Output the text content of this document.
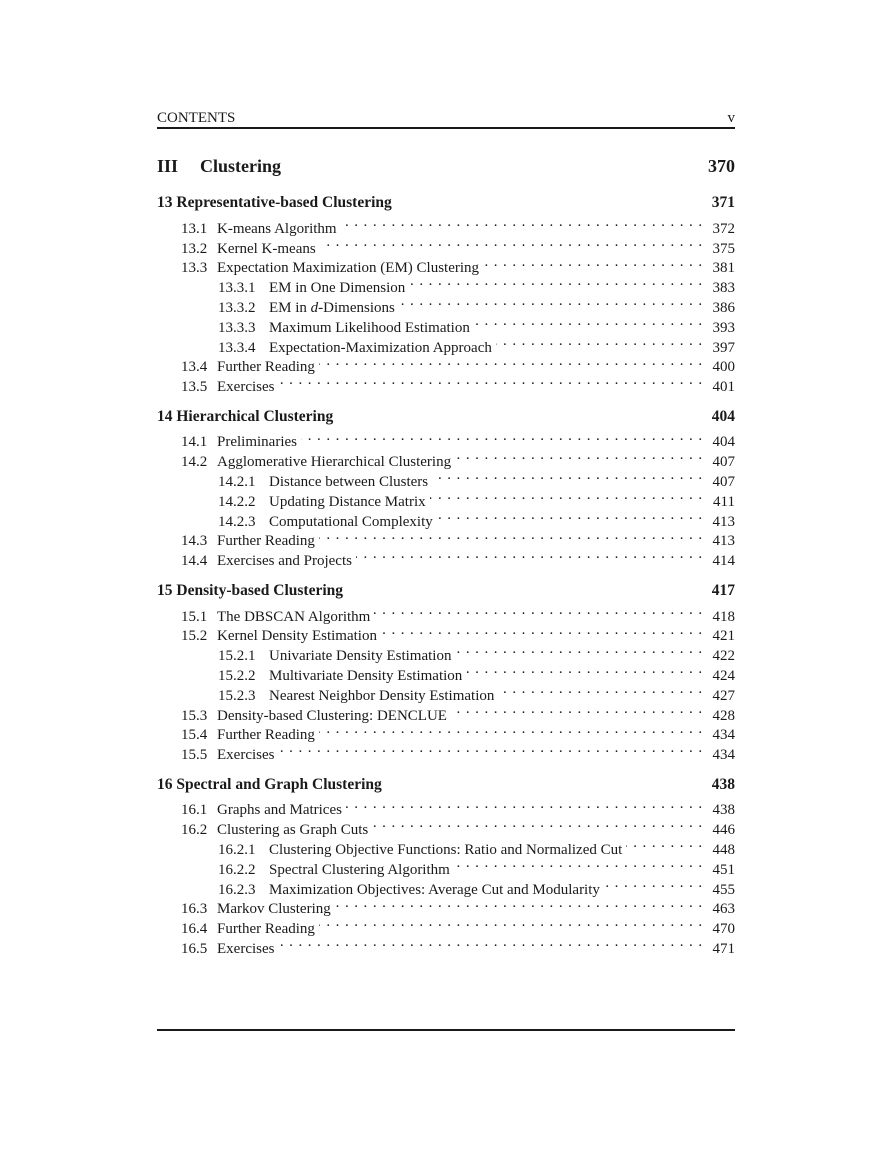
CONTENTS	v
III Clustering	370
13 Representative-based Clustering	371
13.1 K-means Algorithm . . .	372
13.2 Kernel K-means . . .	375
13.3 Expectation Maximization (EM) Clustering . . .	381
13.3.1 EM in One Dimension . . .	383
13.3.2 EM in d-Dimensions . . .	386
13.3.3 Maximum Likelihood Estimation . . .	393
13.3.4 Expectation-Maximization Approach . . .	397
13.4 Further Reading . . .	400
13.5 Exercises . . .	401
14 Hierarchical Clustering	404
14.1 Preliminaries . . .	404
14.2 Agglomerative Hierarchical Clustering . . .	407
14.2.1 Distance between Clusters . . .	407
14.2.2 Updating Distance Matrix . . .	411
14.2.3 Computational Complexity . . .	413
14.3 Further Reading . . .	413
14.4 Exercises and Projects . . .	414
15 Density-based Clustering	417
15.1 The DBSCAN Algorithm . . .	418
15.2 Kernel Density Estimation . . .	421
15.2.1 Univariate Density Estimation . . .	422
15.2.2 Multivariate Density Estimation . . .	424
15.2.3 Nearest Neighbor Density Estimation . . .	427
15.3 Density-based Clustering: DENCLUE . . .	428
15.4 Further Reading . . .	434
15.5 Exercises . . .	434
16 Spectral and Graph Clustering	438
16.1 Graphs and Matrices . . .	438
16.2 Clustering as Graph Cuts . . .	446
16.2.1 Clustering Objective Functions: Ratio and Normalized Cut . . .	448
16.2.2 Spectral Clustering Algorithm . . .	451
16.2.3 Maximization Objectives: Average Cut and Modularity . . .	455
16.3 Markov Clustering . . .	463
16.4 Further Reading . . .	470
16.5 Exercises . . .	471
